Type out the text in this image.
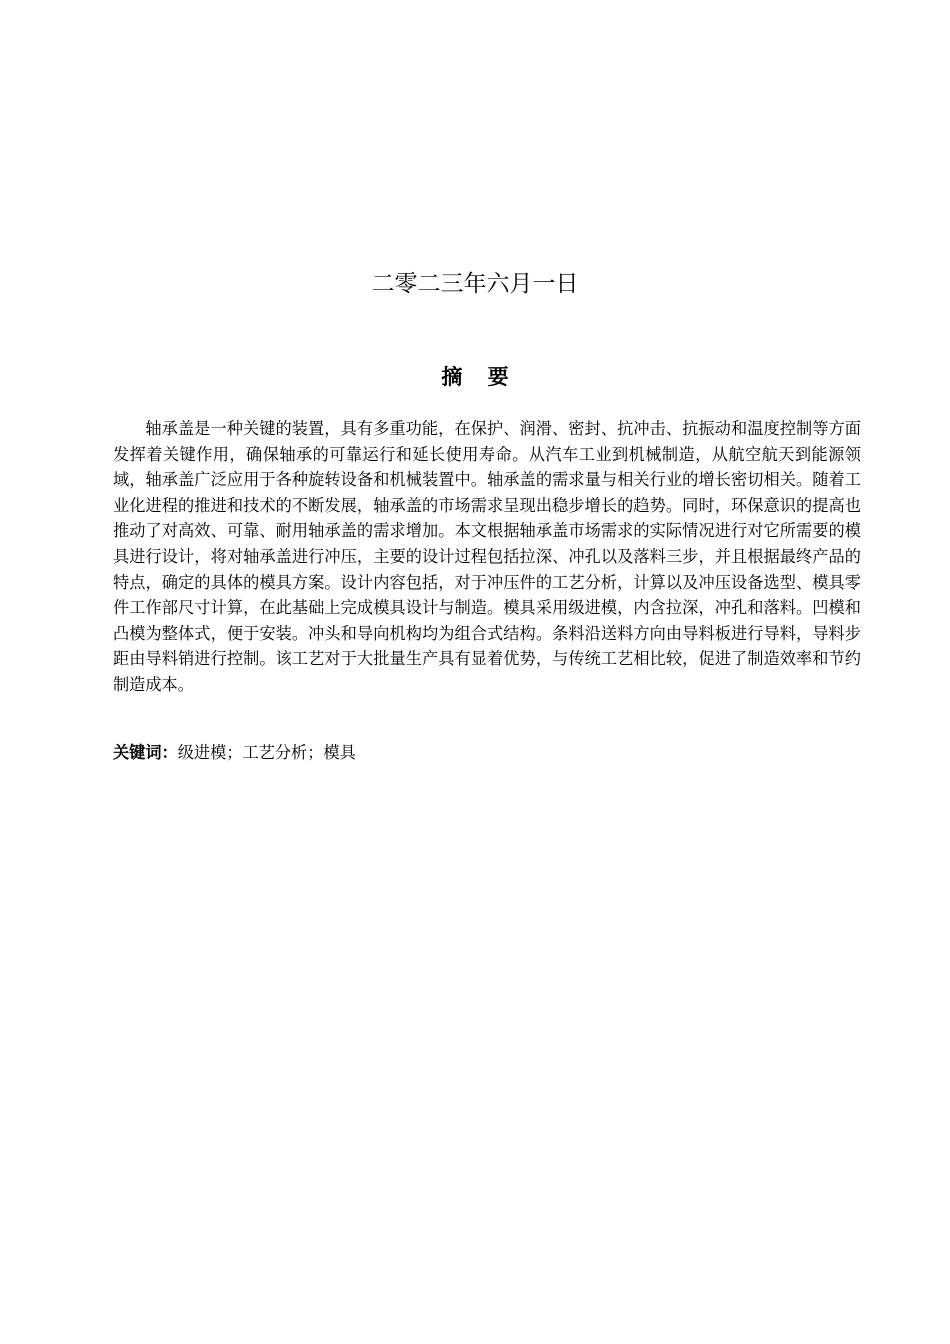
二零二三年六月一日
摘 要

轴承盖是一种关键的装置，具有多重功能，在保护、润滑、密封、抗冲击、抗振动和温度控制等方面发挥着关键作用，确保轴承的可靠运行和延长使用寿命。从汽车工业到机械制造，从航空航天到能源领域，轴承盖广泛应用于各种旋转设备和机械装置中。轴承盖的需求量与相关行业的增长密切相关。随着工业化进程的推进和技术的不断发展，轴承盖的市场需求呈现出稳步增长的趋势。同时，环保意识的提高也推动了对高效、可靠、耐用轴承盖的需求增加。本文根据轴承盖市场需求的实际情况进行对它所需要的模具进行设计，将对轴承盖进行冲压，主要的设计过程包括拉深、冲孔以及落料三步，并且根据最终产品的特点，确定的具体的模具方案。设计内容包括，对于冲压件的工艺分析，计算以及冲压设备选型、模具零件工作部尺寸计算，在此基础上完成模具设计与制造。模具采用级进模，内含拉深，冲孔和落料。凹模和凸模为整体式，便于安装。冲头和导向机构均为组合式结构。条料沿送料方向由导料板进行导料，导料步距由导料销进行控制。该工艺对于大批量生产具有显着优势，与传统工艺相比较，促进了制造效率和节约制造成本。

关键词：级进模；工艺分析；模具
